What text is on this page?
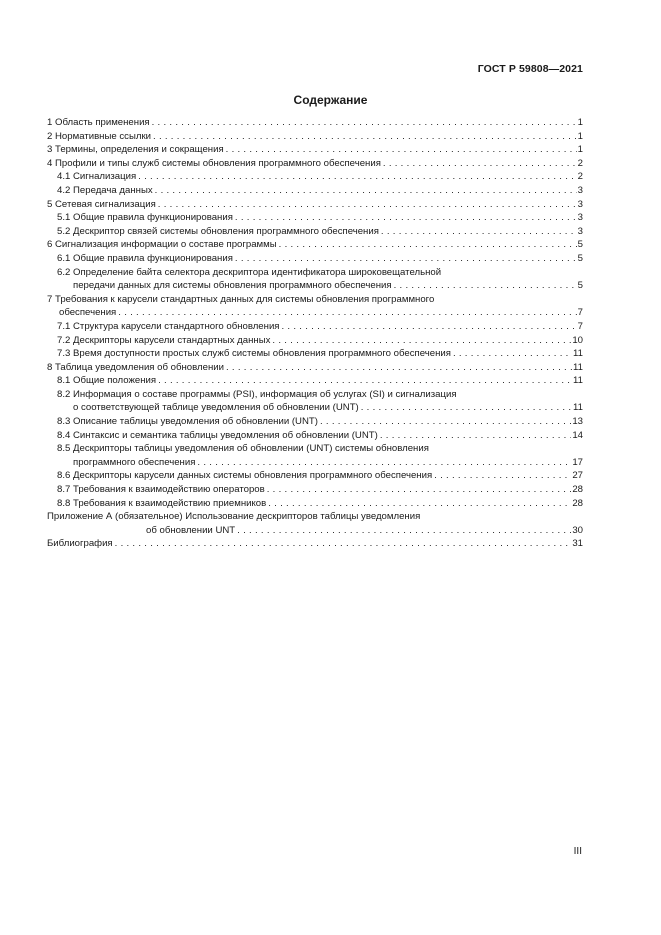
ГОСТ Р 59808—2021
Содержание
1 Область применения . . .	1
2 Нормативные ссылки . . .	1
3 Термины, определения и сокращения . . .	1
4 Профили и типы служб системы обновления программного обеспечения . . .	2
4.1 Сигнализация . . .	2
4.2 Передача данных . . .	3
5 Сетевая сигнализация . . .	3
5.1 Общие правила функционирования . . .	3
5.2 Дескриптор связей системы обновления программного обеспечения . . .	3
6 Сигнализация информации о составе программы . . .	5
6.1 Общие правила функционирования . . .	5
6.2 Определение байта селектора дескриптора идентификатора широковещательной
передачи данных для системы обновления программного обеспечения . . .	5
7 Требования к карусели стандартных данных для системы обновления программного
обеспечения . . .	7
7.1 Структура карусели стандартного обновления . . .	7
7.2 Дескрипторы карусели стандартных данных . . .	10
7.3 Время доступности простых служб системы обновления программного обеспечения . . .	11
8 Таблица уведомления об обновлении . . .	11
8.1 Общие положения . . .	11
8.2 Информация о составе программы (PSI), информация об услугах (SI) и сигнализация
о соответствующей таблице уведомления об обновлении (UNT) . . .	11
8.3 Описание таблицы уведомления об обновлении (UNT) . . .	13
8.4 Синтаксис и семантика таблицы уведомления об обновлении (UNT) . . .	14
8.5 Дескрипторы таблицы уведомления об обновлении (UNT) системы обновления
программного обеспечения . . .	17
8.6 Дескрипторы карусели данных системы обновления программного обеспечения . . .	27
8.7 Требования к взаимодействию операторов . . .	28
8.8 Требования к взаимодействию приемников . . .	28
Приложение А (обязательное) Использование дескрипторов таблицы уведомления
об обновлении UNT . . .	30
Библиография . . .	31
III
